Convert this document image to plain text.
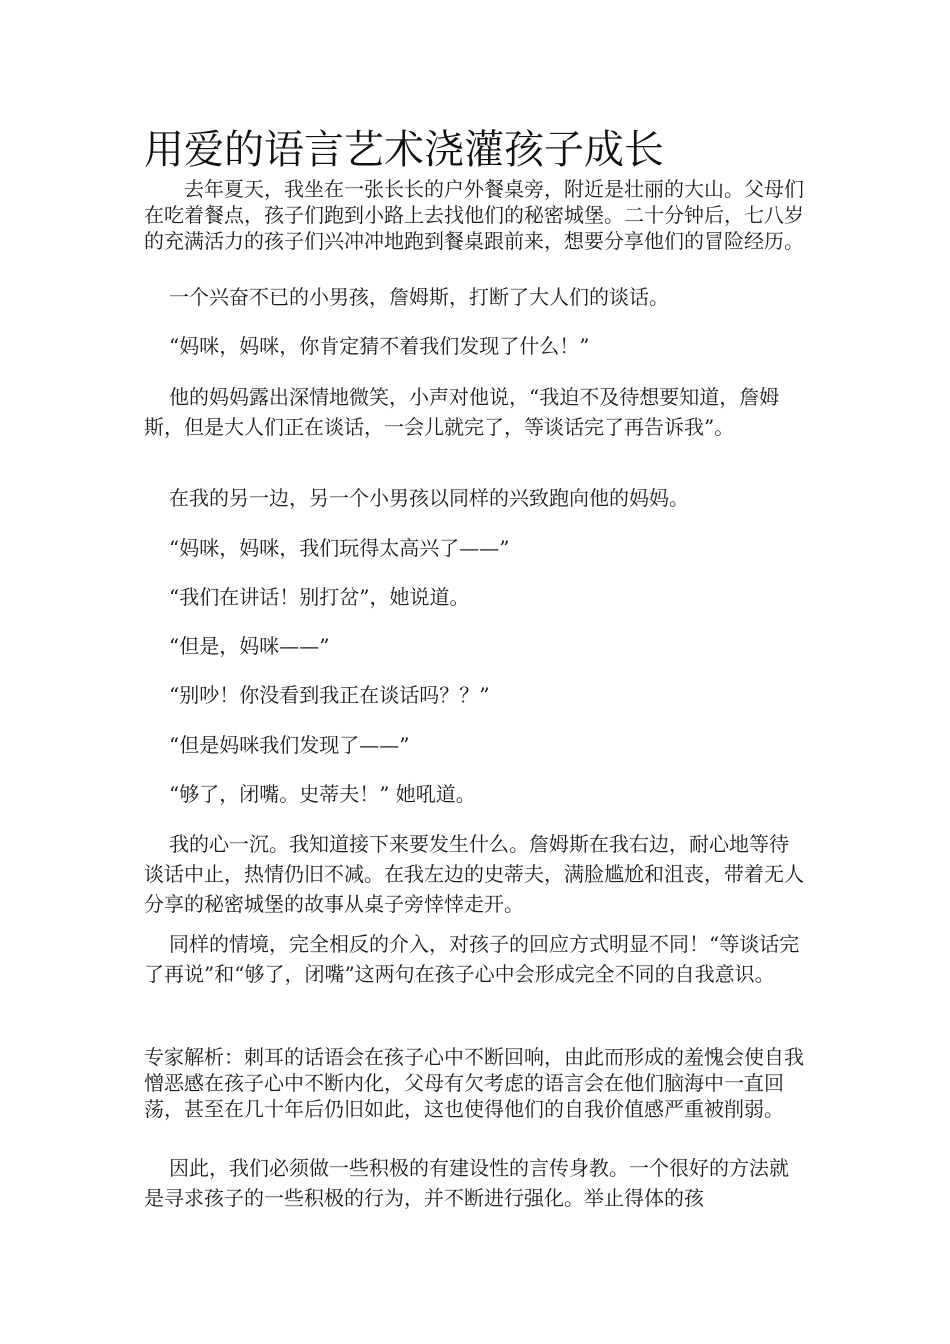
用爱的语言艺术浇灌孩子成长

去年夏天，我坐在一张长长的户外餐桌旁，附近是壮丽的大山。父母们在吃着餐点，孩子们跑到小路上去找他们的秘密城堡。二十分钟后，七八岁的充满活力的孩子们兴冲冲地跑到餐桌跟前来，想要分享他们的冒险经历。

一个兴奋不已的小男孩，詹姆斯，打断了大人们的谈话。

“妈咪，妈咪，你肯定猜不着我们发现了什么！”

他的妈妈露出深情地微笑，小声对他说，“我迫不及待想要知道，詹姆斯，但是大人们正在谈话，一会儿就完了，等谈话完了再告诉我”。

在我的另一边，另一个小男孩以同样的兴致跑向他的妈妈。

“妈咪，妈咪，我们玩得太高兴了——”

“我们在讲话！别打岔”，她说道。

“但是，妈咪——”

“别吵！你没看到我正在谈话吗？？”

“但是妈咪我们发现了——”

“够了，闭嘴。史蒂夫！” 她吼道。

我的心一沉。我知道接下来要发生什么。詹姆斯在我右边，耐心地等待谈话中止，热情仍旧不减。在我左边的史蒂夫，满脸尴尬和沮丧，带着无人分享的秘密城堡的故事从桌子旁悻悻走开。

同样的情境，完全相反的介入，对孩子的回应方式明显不同！“等谈话完了再说”和“够了，闭嘴”这两句在孩子心中会形成完全不同的自我意识。

专家解析：刺耳的话语会在孩子心中不断回响，由此而形成的羞愧会使自我憎恶感在孩子心中不断内化，父母有欠考虑的语言会在他们脑海中一直回荡，甚至在几十年后仍旧如此，这也使得他们的自我价值感严重被削弱。

因此，我们必须做一些积极的有建设性的言传身教。一个很好的方法就是寻求孩子的一些积极的行为，并不断进行强化。举止得体的孩
